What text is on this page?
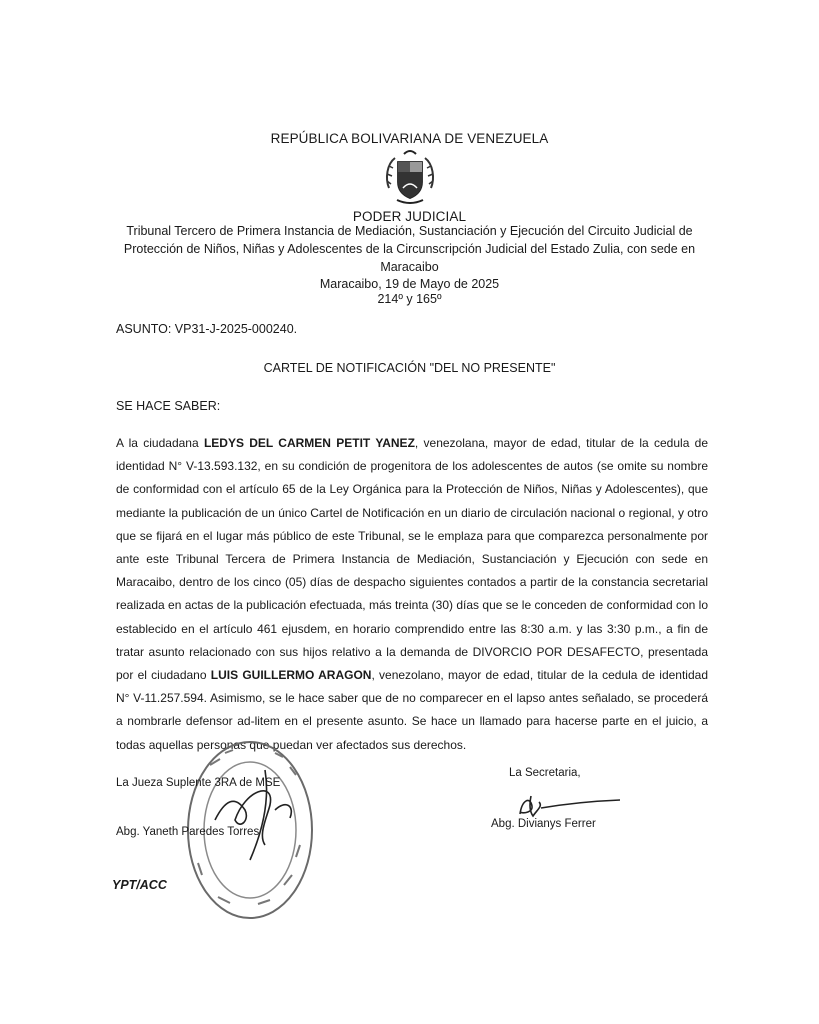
REPÚBLICA BOLIVARIANA DE VENEZUELA
PODER JUDICIAL
Tribunal Tercero de Primera Instancia de Mediación, Sustanciación y Ejecución del Circuito Judicial de
Protección de Niños, Niñas y Adolescentes de la Circunscripción Judicial del Estado Zulia, con sede en
Maracaibo
Maracaibo, 19 de Mayo de 2025
214º y 165º
ASUNTO: VP31-J-2025-000240.
CARTEL DE NOTIFICACIÓN "DEL NO PRESENTE"
SE HACE SABER:
A la ciudadana LEDYS DEL CARMEN PETIT YANEZ, venezolana, mayor de edad, titular de la cedula de identidad N° V-13.593.132, en su condición de progenitora de los adolescentes de autos (se omite su nombre de conformidad con el artículo 65 de la Ley Orgánica para la Protección de Niños, Niñas y Adolescentes), que mediante la publicación de un único Cartel de Notificación en un diario de circulación nacional o regional, y otro que se fijará en el lugar más público de este Tribunal, se le emplaza para que comparezca personalmente por ante este Tribunal Tercera de Primera Instancia de Mediación, Sustanciación y Ejecución con sede en Maracaibo, dentro de los cinco (05) días de despacho siguientes contados a partir de la constancia secretarial realizada en actas de la publicación efectuada, más treinta (30) días que se le conceden de conformidad con lo establecido en el artículo 461 ejusdem, en horario comprendido entre las 8:30 a.m. y las 3:30 p.m., a fin de tratar asunto relacionado con sus hijos relativo a la demanda de DIVORCIO POR DESAFECTO, presentada por el ciudadano LUIS GUILLERMO ARAGON, venezolano, mayor de edad, titular de la cedula de identidad N° V-11.257.594. Asimismo, se le hace saber que de no comparecer en el lapso antes señalado, se procederá a nombrarle defensor ad-litem en el presente asunto. Se hace un llamado para hacerse parte en el juicio, a todas aquellas personas que puedan ver afectados sus derechos.
La Jueza Suplente 3RA de MSE
Abg. Yaneth Paredes Torres
La Secretaria,
Abg. Divianys Ferrer
YPT/ACC
